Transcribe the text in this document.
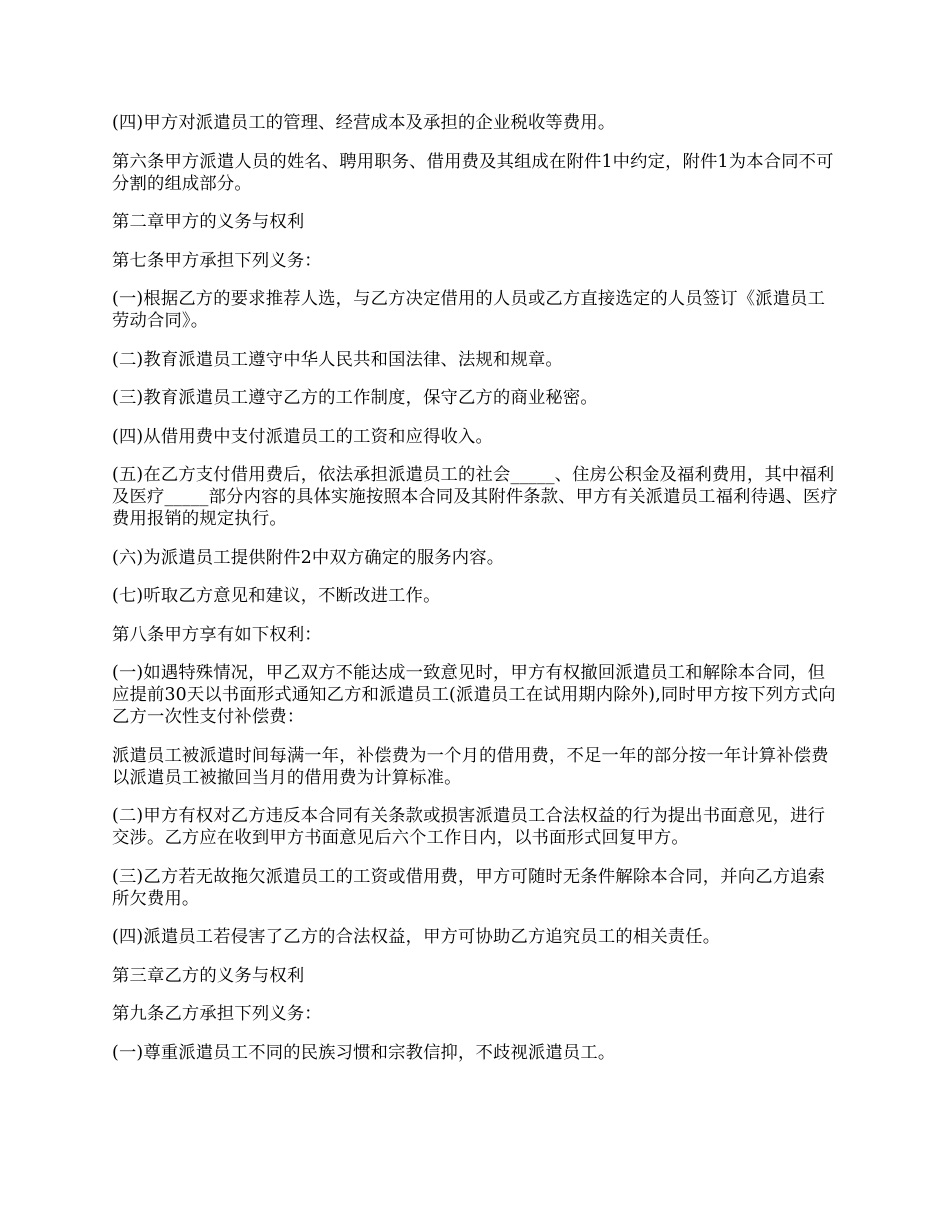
(四)甲方对派遣员工的管理、经营成本及承担的企业税收等费用。

第六条甲方派遣人员的姓名、聘用职务、借用费及其组成在附件1中约定，附件1为本合同不可分割的组成部分。

第二章甲方的义务与权利

第七条甲方承担下列义务：

(一)根据乙方的要求推荐人选，与乙方决定借用的人员或乙方直接选定的人员签订《派遣员工劳动合同》。

(二)教育派遣员工遵守中华人民共和国法律、法规和规章。

(三)教育派遣员工遵守乙方的工作制度，保守乙方的商业秘密。

(四)从借用费中支付派遣员工的工资和应得收入。

(五)在乙方支付借用费后，依法承担派遣员工的社会_____、住房公积金及福利费用，其中福利及医疗_____部分内容的具体实施按照本合同及其附件条款、甲方有关派遣员工福利待遇、医疗费用报销的规定执行。

(六)为派遣员工提供附件2中双方确定的服务内容。

(七)听取乙方意见和建议，不断改进工作。

第八条甲方享有如下权利：

(一)如遇特殊情况，甲乙双方不能达成一致意见时，甲方有权撤回派遣员工和解除本合同，但应提前30天以书面形式通知乙方和派遣员工(派遣员工在试用期内除外),同时甲方按下列方式向乙方一次性支付补偿费：

派遣员工被派遣时间每满一年，补偿费为一个月的借用费，不足一年的部分按一年计算补偿费以派遣员工被撤回当月的借用费为计算标准。

(二)甲方有权对乙方违反本合同有关条款或损害派遣员工合法权益的行为提出书面意见，进行交涉。乙方应在收到甲方书面意见后六个工作日内，以书面形式回复甲方。

(三)乙方若无故拖欠派遣员工的工资或借用费，甲方可随时无条件解除本合同，并向乙方追索所欠费用。

(四)派遣员工若侵害了乙方的合法权益，甲方可协助乙方追究员工的相关责任。

第三章乙方的义务与权利

第九条乙方承担下列义务：

(一)尊重派遣员工不同的民族习惯和宗教信抑，不歧视派遣员工。
